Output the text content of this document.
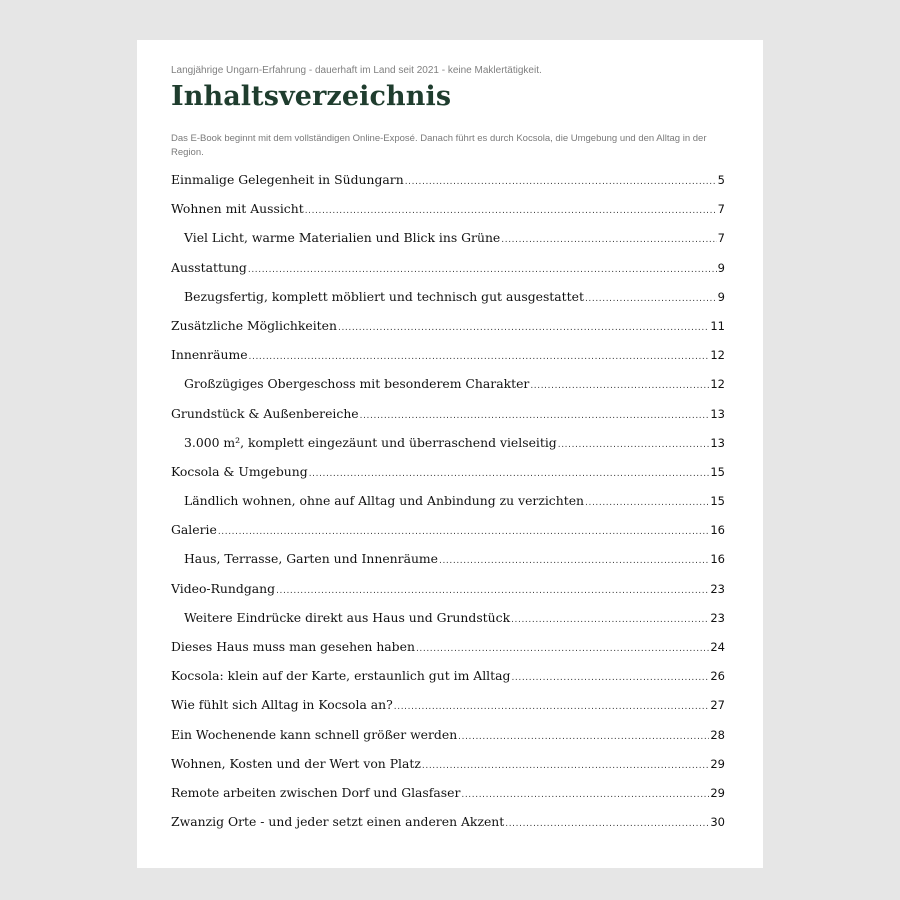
Langjährige Ungarn-Erfahrung - dauerhaft im Land seit 2021 - keine Maklertätigkeit.

Inhaltsverzeichnis

Das E-Book beginnt mit dem vollständigen Online-Exposé. Danach führt es durch Kocsola, die Umgebung und den Alltag in der Region.

Einmalige Gelegenheit in Südungarn .....	5
Wohnen mit Aussicht .....	7
Viel Licht, warme Materialien und Blick ins Grüne .....	7
Ausstattung .....	9
Bezugsfertig, komplett möbliert und technisch gut ausgestattet .....	9
Zusätzliche Möglichkeiten .....	11
Innenräume .....	12
Großzügiges Obergeschoss mit besonderem Charakter .....	12
Grundstück & Außenbereiche .....	13
3.000 m², komplett eingezäunt und überraschend vielseitig .....	13
Kocsola & Umgebung .....	15
Ländlich wohnen, ohne auf Alltag und Anbindung zu verzichten .....	15
Galerie .....	16
Haus, Terrasse, Garten und Innenräume .....	16
Video-Rundgang .....	23
Weitere Eindrücke direkt aus Haus und Grundstück .....	23
Dieses Haus muss man gesehen haben .....	24
Kocsola: klein auf der Karte, erstaunlich gut im Alltag .....	26
Wie fühlt sich Alltag in Kocsola an? .....	27
Ein Wochenende kann schnell größer werden .....	28
Wohnen, Kosten und der Wert von Platz .....	29
Remote arbeiten zwischen Dorf und Glasfaser .....	29
Zwanzig Orte - und jeder setzt einen anderen Akzent .....	30
